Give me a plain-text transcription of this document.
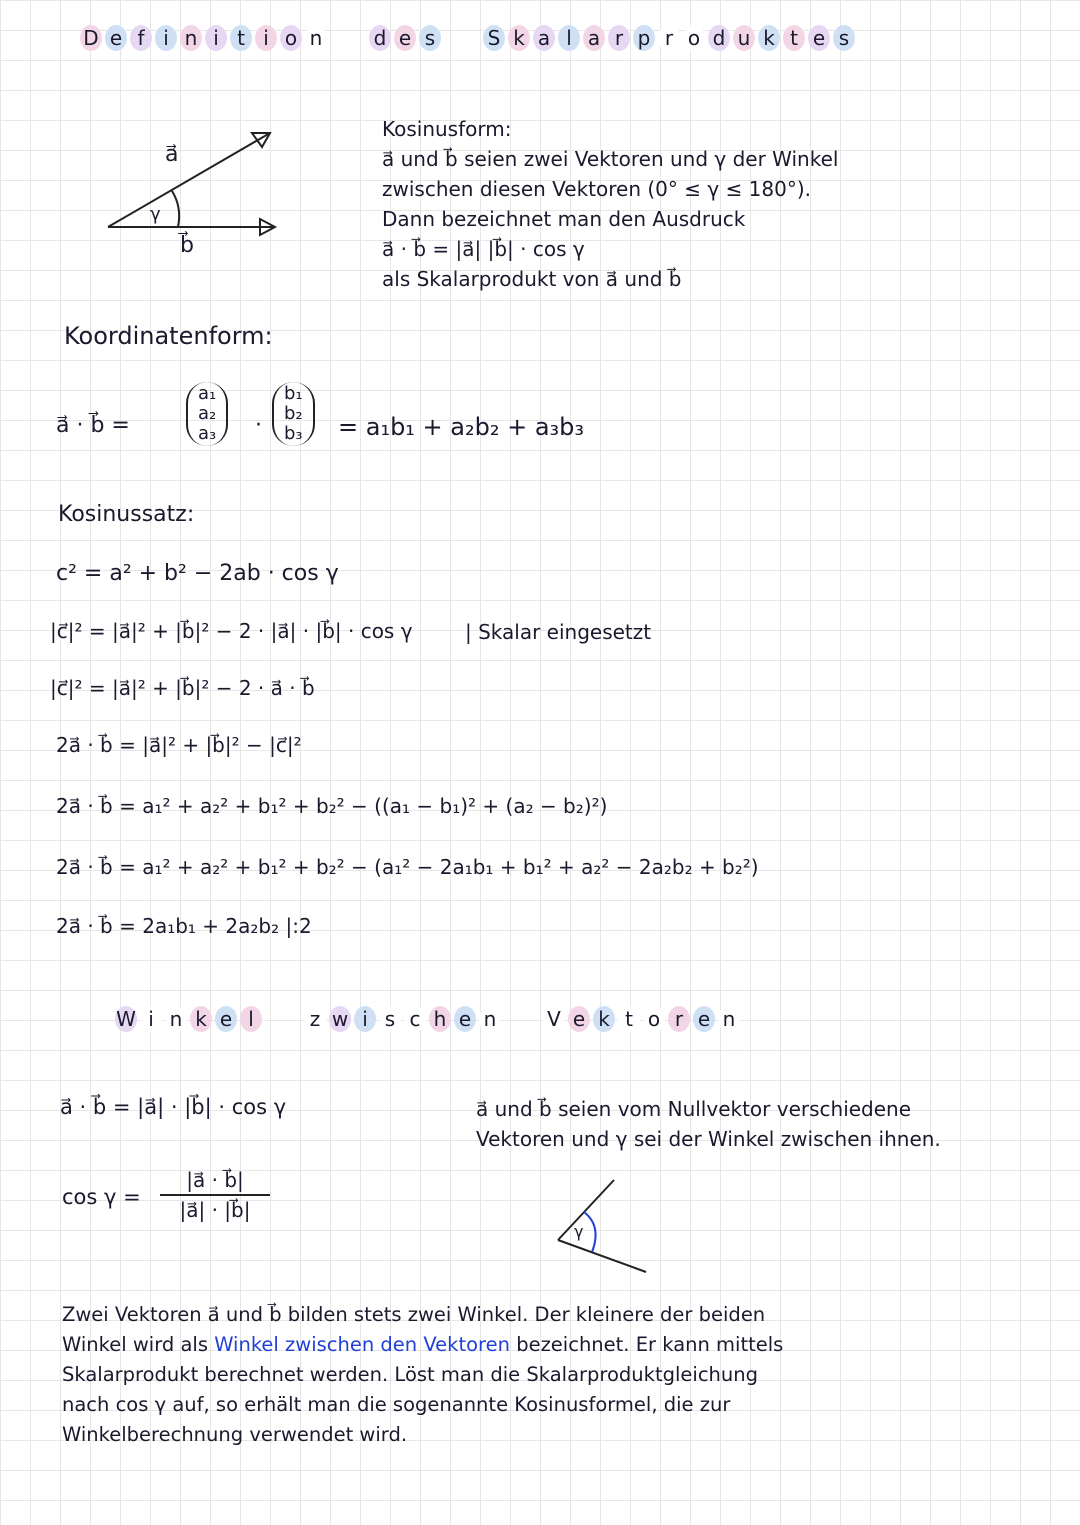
D e f i n i t i o n	d e s	S k a l a r p r o d u k t e s
a⃗
b⃗
γ
Kosinusform:
a⃗ und b⃗ seien zwei Vektoren und γ der Winkel
zwischen diesen Vektoren (0° ≤ γ ≤ 180°).
Dann bezeichnet man den Ausdruck
a⃗ · b⃗ = |a⃗| |b⃗| · cos γ
als Skalarprodukt von a⃗ und b⃗
Koordinatenform:
a⃗ · b⃗ =
a₁
a₂
a₃ ·
b₁
b₂
b₃ = a₁b₁ + a₂b₂ + a₃b₃
Kosinussatz:
c² = a² + b² − 2ab · cos γ
|c⃗|² = |a⃗|² + |b⃗|² − 2 · |a⃗| · |b⃗| · cos γ	| Skalar eingesetzt
|c⃗|² = |a⃗|² + |b⃗|² − 2 · a⃗ · b⃗
2a⃗ · b⃗ = |a⃗|² + |b⃗|² − |c⃗|²
2a⃗ · b⃗ = a₁² + a₂² + b₁² + b₂² − ((a₁ − b₁)² + (a₂ − b₂)²)
2a⃗ · b⃗ = a₁² + a₂² + b₁² + b₂² − (a₁² − 2a₁b₁ + b₁² + a₂² − 2a₂b₂ + b₂²)
2a⃗ · b⃗ = 2a₁b₁ + 2a₂b₂ |:2
W i n k e l	z w i s c h e n	V e k t o r e n
a⃗ · b⃗ = |a⃗| · |b⃗| · cos γ	a⃗ und b⃗ seien vom Nullvektor verschiedene
Vektoren und γ sei der Winkel zwischen ihnen.
$\cos \gamma = \frac{|a⃗ \cdot b⃗|}{|a⃗| \cdot |b⃗|}$
γ
Zwei Vektoren a⃗ und b⃗ bilden stets zwei Winkel. Der kleinere der beiden
Winkel wird als Winkel zwischen den Vektoren bezeichnet. Er kann mittels
Skalarprodukt berechnet werden. Löst man die Skalarproduktgleichung
nach cos γ auf, so erhält man die sogenannte Kosinusformel, die zur
Winkelberechnung verwendet wird.
